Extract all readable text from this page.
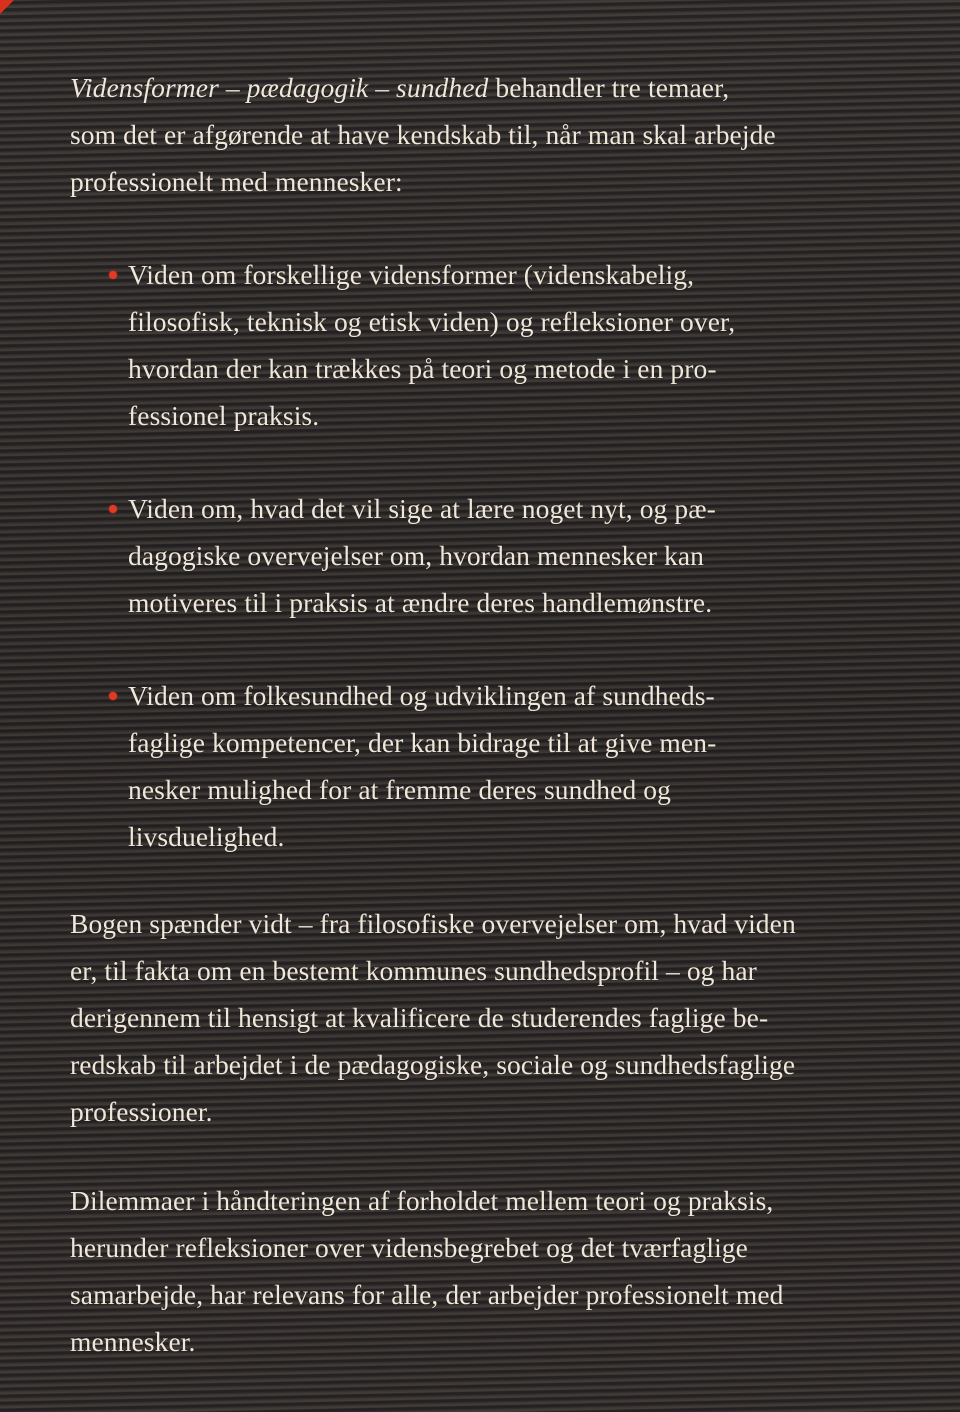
Vidensformer – pædagogik – sundhed behandler tre temaer,
som det er afgørende at have kendskab til, når man skal arbejde
professionelt med mennesker:
Viden om forskellige vidensformer (videnskabelig,
filosofisk, teknisk og etisk viden) og refleksioner over,
hvordan der kan trækkes på teori og metode i en pro-
fessionel praksis.
Viden om, hvad det vil sige at lære noget nyt, og pæ-
dagogiske overvejelser om, hvordan mennesker kan
motiveres til i praksis at ændre deres handlemønstre.
Viden om folkesundhed og udviklingen af sundheds-
faglige kompetencer, der kan bidrage til at give men-
nesker mulighed for at fremme deres sundhed og
livsduelighed.
Bogen spænder vidt – fra filosofiske overvejelser om, hvad viden
er, til fakta om en bestemt kommunes sundhedsprofil – og har
derigennem til hensigt at kvalificere de studerendes faglige be-
redskab til arbejdet i de pædagogiske, sociale og sundhedsfaglige
professioner.
Dilemmaer i håndteringen af forholdet mellem teori og praksis,
herunder refleksioner over vidensbegrebet og det tværfaglige
samarbejde, har relevans for alle, der arbejder professionelt med
mennesker.
